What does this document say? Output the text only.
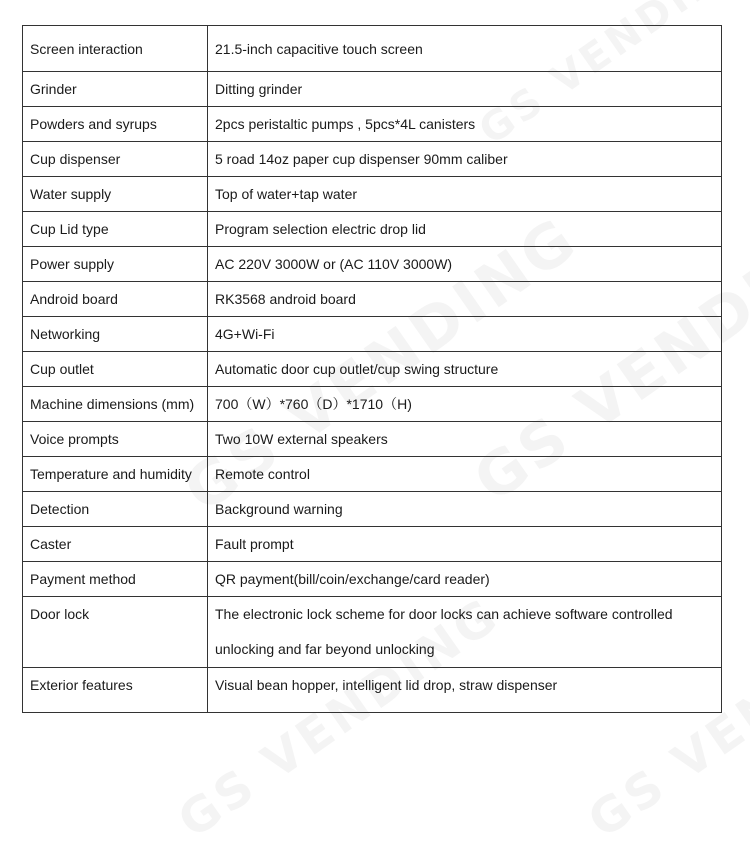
Screen interaction	21.5-inch capacitive touch screen
Grinder	Ditting grinder
Powders and syrups	2pcs peristaltic pumps , 5pcs*4L canisters
Cup dispenser	5 road 14oz paper cup dispenser 90mm caliber
Water supply	Top of water+tap water
Cup Lid type	Program selection electric drop lid
Power supply	AC 220V 3000W or (AC 110V 3000W)
Android board	RK3568 android board
Networking	4G+Wi-Fi
Cup outlet	Automatic door cup outlet/cup swing structure
Machine dimensions (mm)	700（W）*760（D）*1710（H)
Voice prompts	Two 10W external speakers
Temperature and humidity	Remote control
Detection	Background warning
Caster	Fault prompt
Payment method	QR payment(bill/coin/exchange/card reader)
Door lock	The electronic lock scheme for door locks can achieve software controlled unlocking and far beyond unlocking
Exterior features	Visual bean hopper, intelligent lid drop, straw dispenser
